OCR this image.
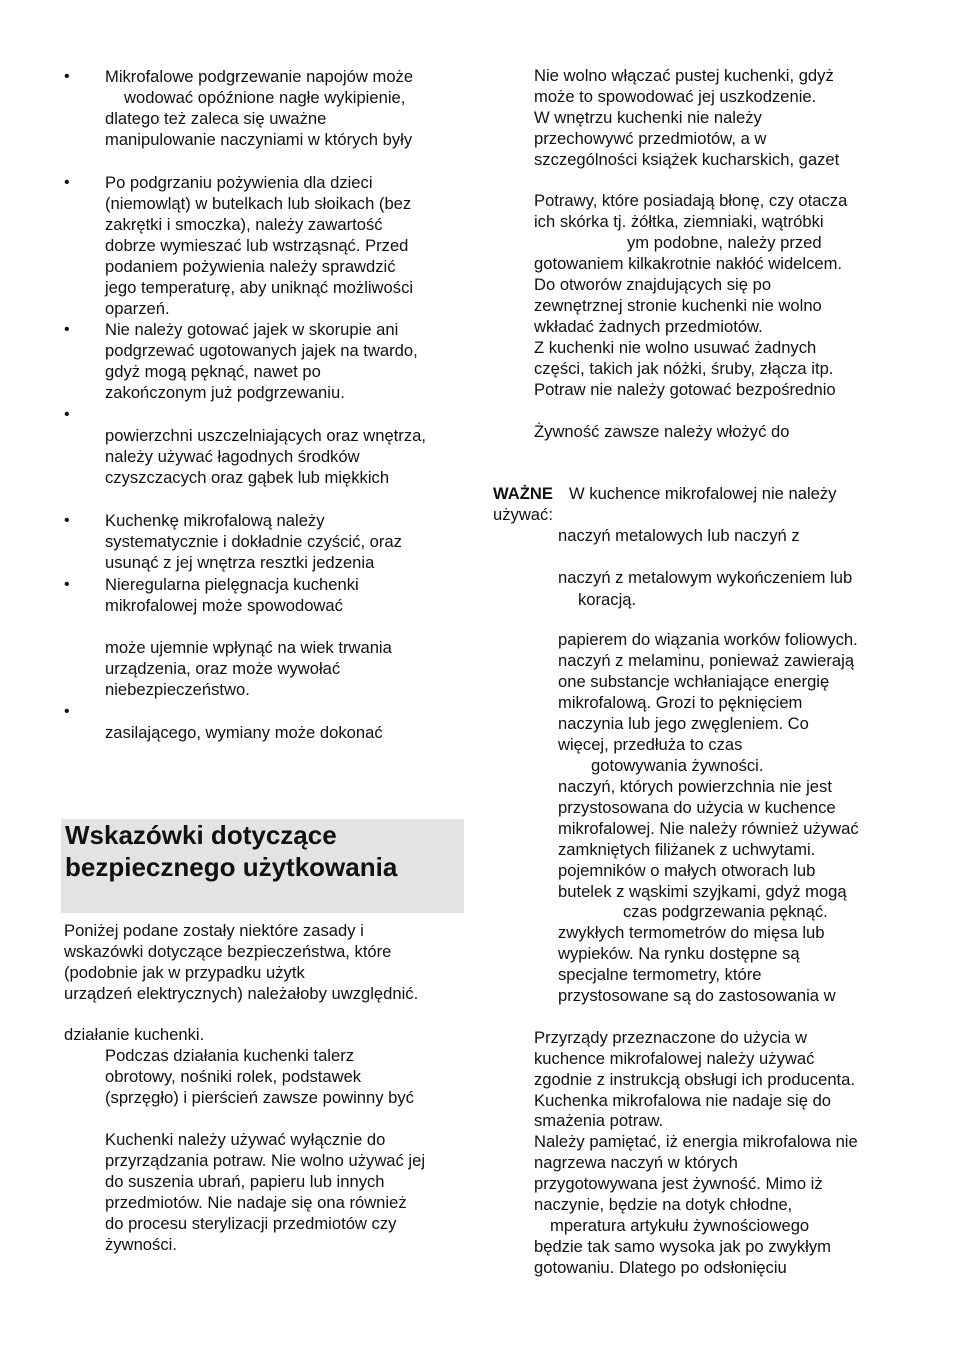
• Mikrofalowe podgrzewanie napojów może
wodować opóźnione nagłe wykipienie,
dlatego też zaleca się uważne
manipulowanie naczyniami w których były
• Po podgrzaniu pożywienia dla dzieci
(niemowląt) w butelkach lub słoikach (bez
zakrętki i smoczka), należy zawartość
dobrze wymieszać lub wstrząsnąć. Przed
podaniem pożywienia należy sprawdzić
jego temperaturę, aby uniknąć możliwości
oparzeń.
• Nie należy gotować jajek w skorupie ani
podgrzewać ugotowanych jajek na twardo,
gdyż mogą pęknąć, nawet po
zakończonym już podgrzewaniu.
•
powierzchni uszczelniających oraz wnętrza,
należy używać łagodnych środków
czyszczacych oraz gąbek lub miękkich
• Kuchenkę mikrofalową należy
systematycznie i dokładnie czyścić, oraz
usunąć z jej wnętrza resztki jedzenia
• Nieregularna pielęgnacja kuchenki
mikrofalowej może spowodować
może ujemnie wpłynąć na wiek trwania
urządzenia, oraz może wywołać
niebezpieczeństwo.
•
zasilającego, wymiany może dokonać
Wskazówki dotyczące
bezpiecznego użytkowania
Poniżej podane zostały niektóre zasady i
wskazówki dotyczące bezpieczeństwa, które
(podobnie jak w przypadku użytk
urządzeń elektrycznych) należałoby uwzględnić.
działanie kuchenki.
Podczas działania kuchenki talerz
obrotowy, nośniki rolek, podstawek
(sprzęgło) i pierścień zawsze powinny być
Kuchenki należy używać wyłącznie do
przyrządzania potraw. Nie wolno używać jej
do suszenia ubrań, papieru lub innych
przedmiotów. Nie nadaje się ona również
do procesu sterylizacji przedmiotów czy
żywności.
Nie wolno włączać pustej kuchenki, gdyż
może to spowodować jej uszkodzenie.
W wnętrzu kuchenki nie należy
przechowywć przedmiotów, a w
szczególności książek kucharskich, gazet
Potrawy, które posiadają błonę, czy otacza
ich skórka tj. żółtka, ziemniaki, wątróbki
ym podobne, należy przed
gotowaniem kilkakrotnie nakłóć widelcem.
Do otworów znajdujących się po
zewnętrznej stronie kuchenki nie wolno
wkładać żadnych przedmiotów.
Z kuchenki nie wolno usuwać żadnych
części, takich jak nóżki, śruby, złącza itp.
Potraw nie należy gotować bezpośrednio
Żywność zawsze należy włożyć do
W kuchence mikrofalowej nie należy
używać:
naczyń metalowych lub naczyń z
naczyń z metalowym wykończeniem lub
koracją.
papierem do wiązania worków foliowych.
naczyń z melaminu, ponieważ zawierają
one substancje wchłaniające energię
mikrofalową. Grozi to pęknięciem
naczynia lub jego zwęgleniem. Co
więcej, przedłuża to czas
gotowywania żywności.
naczyń, których powierzchnia nie jest
przystosowana do użycia w kuchence
mikrofalowej. Nie należy również używać
zamkniętych filiżanek z uchwytami.
pojemników o małych otworach lub
butelek z wąskimi szyjkami, gdyż mogą
czas podgrzewania pęknąć.
zwykłych termometrów do mięsa lub
wypieków. Na rynku dostępne są
specjalne termometry, które
przystosowane są do zastosowania w
Przyrządy przeznaczone do użycia w
kuchence mikrofalowej należy używać
zgodnie z instrukcją obsługi ich producenta.
Kuchenka mikrofalowa nie nadaje się do
smażenia potraw.
Należy pamiętać, iż energia mikrofalowa nie
nagrzewa naczyń w których
przygotowywana jest żywność. Mimo iż
naczynie, będzie na dotyk chłodne,
mperatura artykułu żywnościowego
będzie tak samo wysoka jak po zwykłym
gotowaniu. Dlatego po odsłonięciu
WAŻNE
